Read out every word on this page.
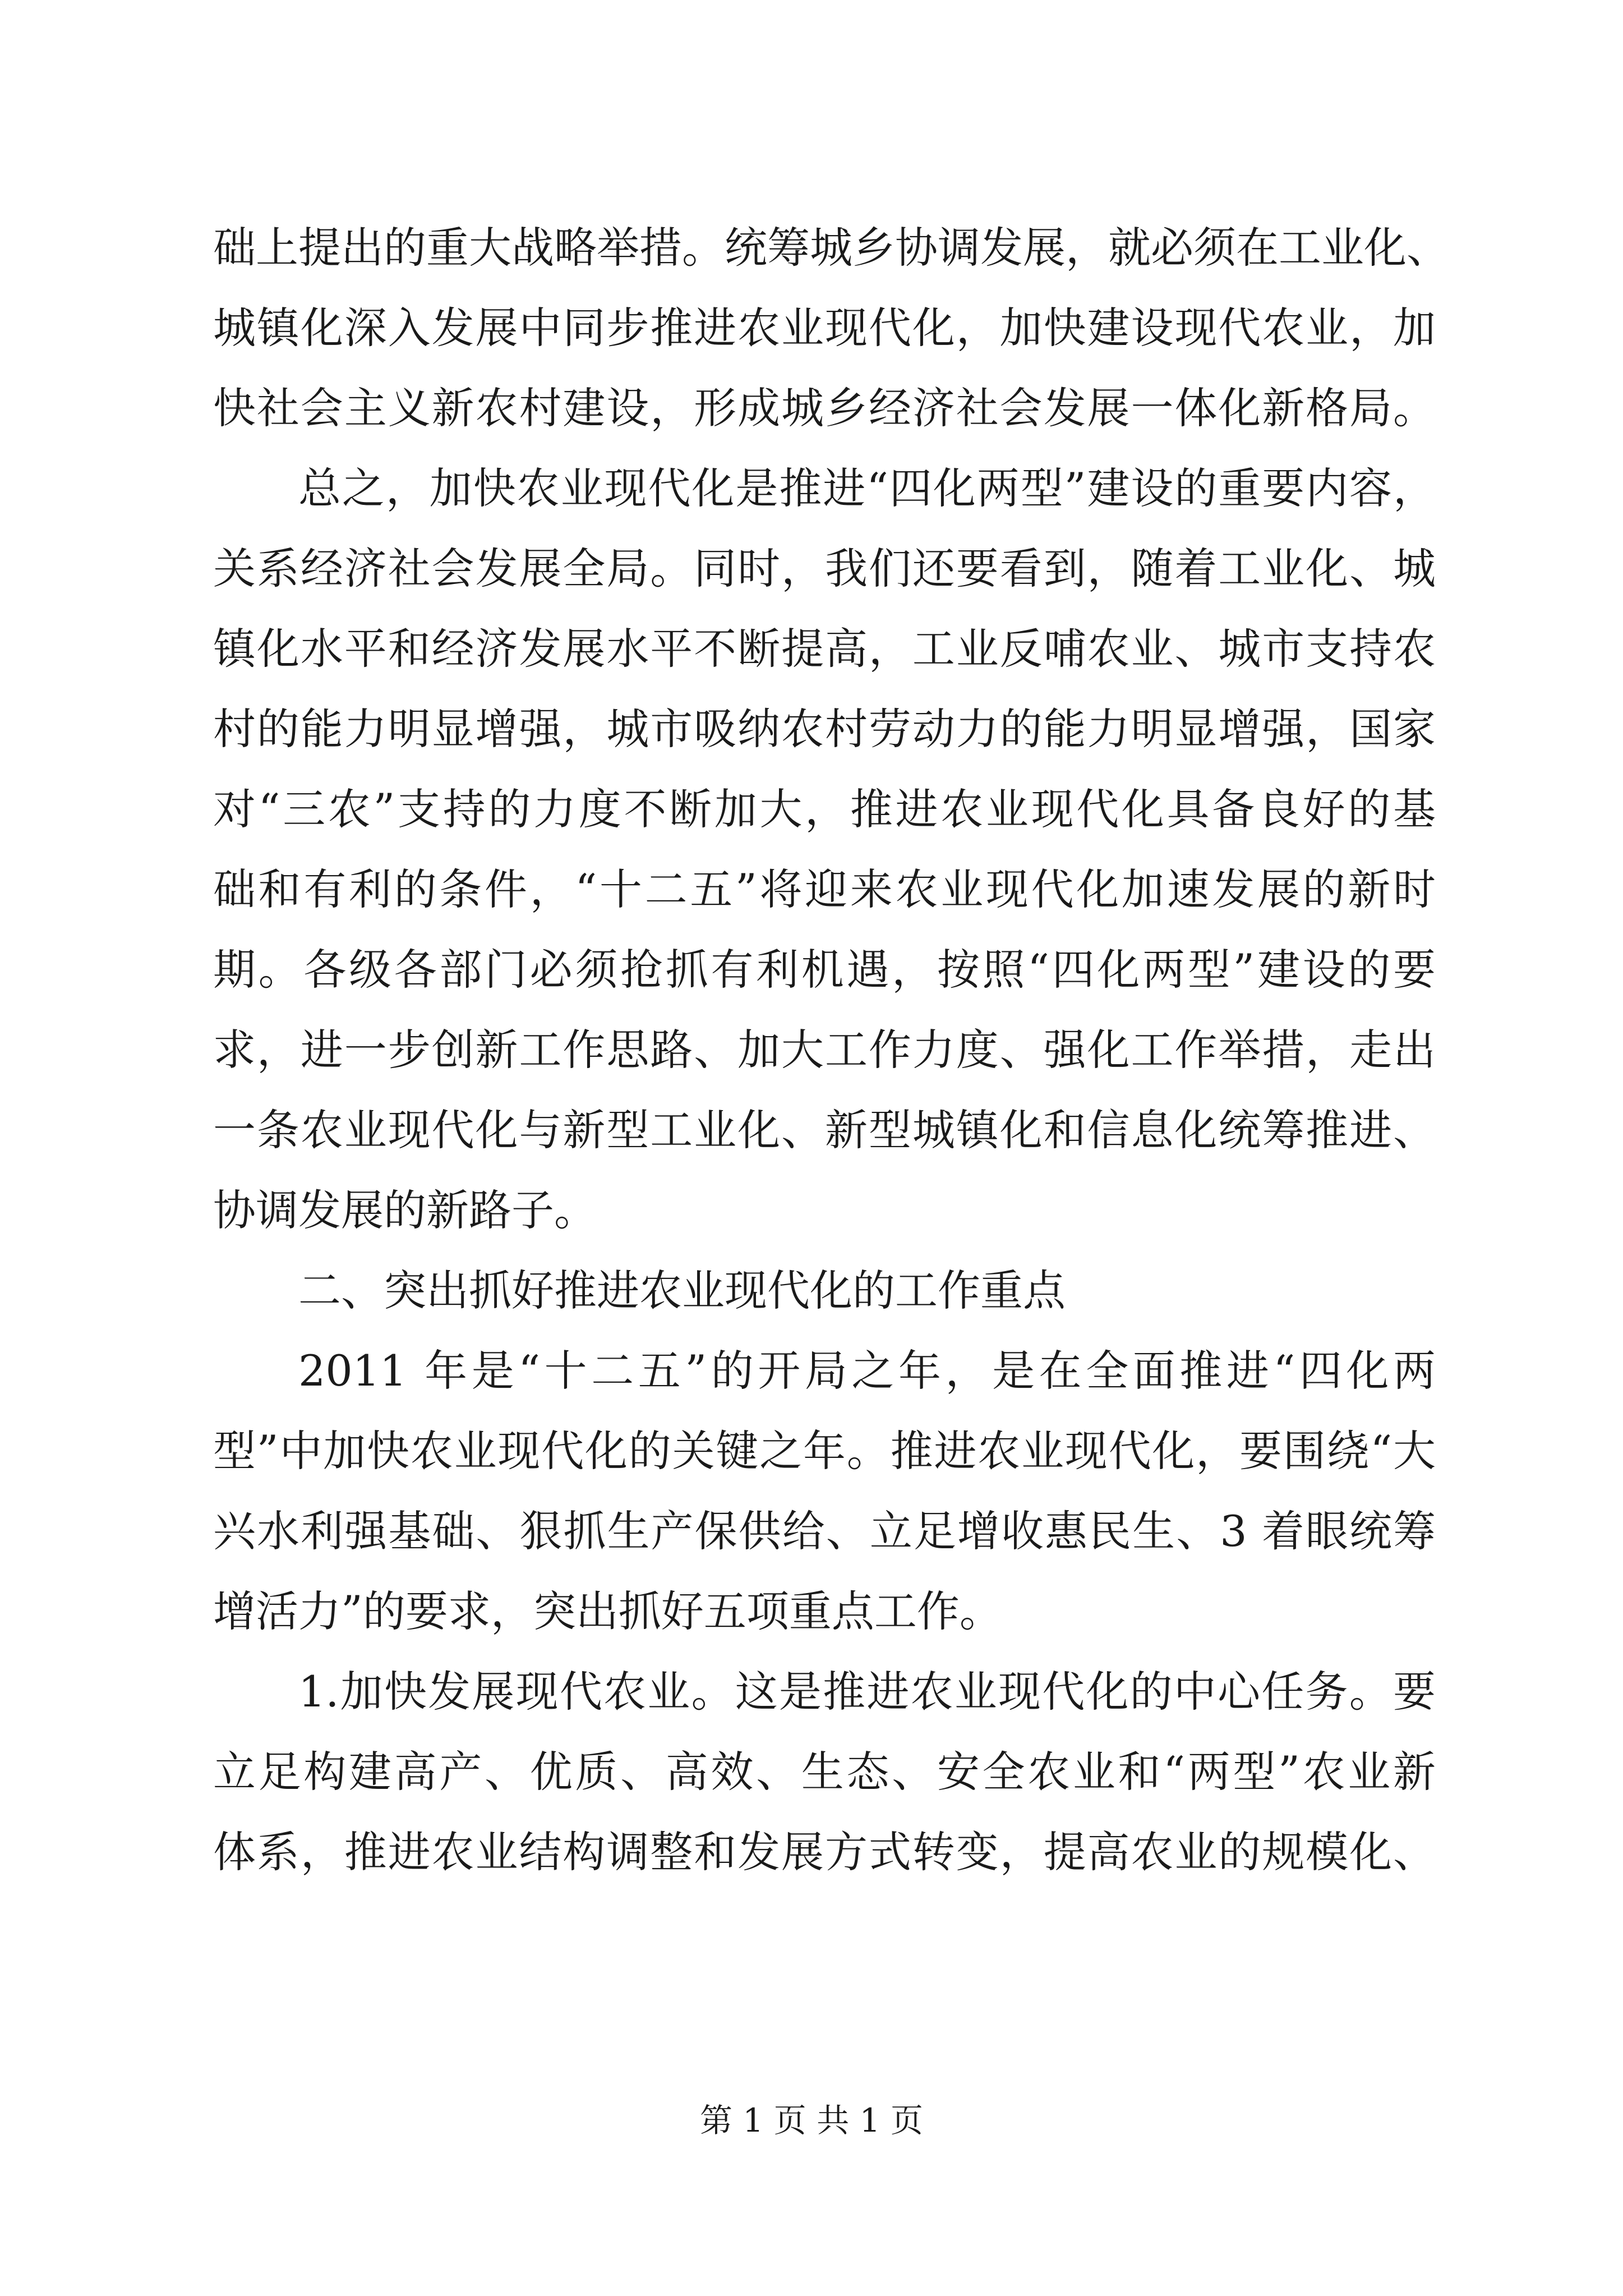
础上提出的重大战略举措。统筹城乡协调发展，就必须在工业化、
城镇化深入发展中同步推进农业现代化，加快建设现代农业，加
快社会主义新农村建设，形成城乡经济社会发展一体化新格局。
总之，加快农业现代化是推进“四化两型”建设的重要内容，
关系经济社会发展全局。同时，我们还要看到，随着工业化、城
镇化水平和经济发展水平不断提高，工业反哺农业、城市支持农
村的能力明显增强，城市吸纳农村劳动力的能力明显增强，国家
对“三农”支持的力度不断加大，推进农业现代化具备良好的基
础和有利的条件，“十二五”将迎来农业现代化加速发展的新时
期。各级各部门必须抢抓有利机遇，按照“四化两型”建设的要
求，进一步创新工作思路、加大工作力度、强化工作举措，走出
一条农业现代化与新型工业化、新型城镇化和信息化统筹推进、
协调发展的新路子。
二、突出抓好推进农业现代化的工作重点
2011 年是“十二五”的开局之年，是在全面推进“四化两
型”中加快农业现代化的关键之年。推进农业现代化，要围绕“大
兴水利强基础、狠抓生产保供给、立足增收惠民生、3 着眼统筹
增活力”的要求，突出抓好五项重点工作。
1.加快发展现代农业。这是推进农业现代化的中心任务。要
立足构建高产、优质、高效、生态、安全农业和“两型”农业新
体系，推进农业结构调整和发展方式转变，提高农业的规模化、
第 1 页 共 1 页
